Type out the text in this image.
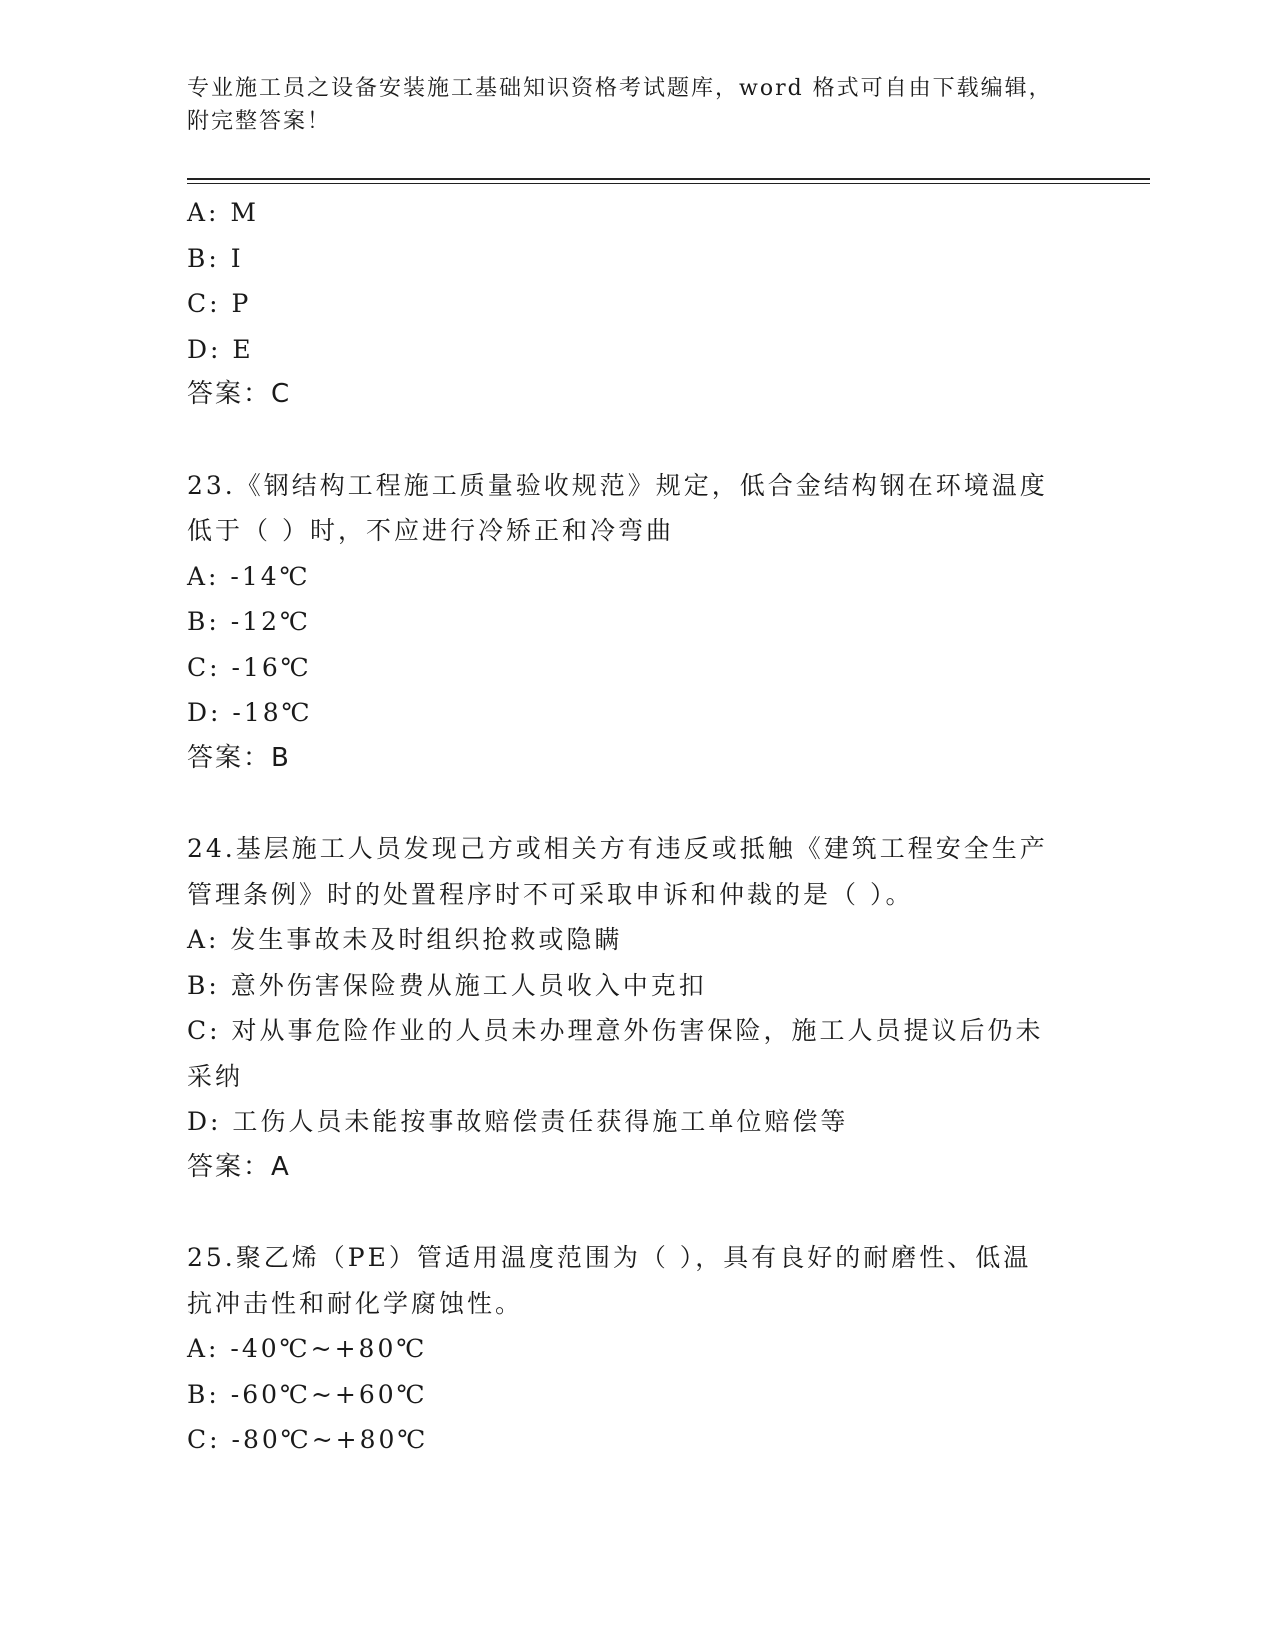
专业施工员之设备安装施工基础知识资格考试题库，word 格式可自由下载编辑，
附完整答案！
A: M
B: I
C: P
D: E
答案：C
23.《钢结构工程施工质量验收规范》规定，低合金结构钢在环境温度
低于（ ）时，不应进行冷矫正和冷弯曲
A: -14℃
B: -12℃
C: -16℃
D: -18℃
答案：B
24.基层施工人员发现己方或相关方有违反或抵触《建筑工程安全生产
管理条例》时的处置程序时不可采取申诉和仲裁的是（ ）。
A: 发生事故未及时组织抢救或隐瞒
B: 意外伤害保险费从施工人员收入中克扣
C: 对从事危险作业的人员未办理意外伤害保险，施工人员提议后仍未
采纳
D: 工伤人员未能按事故赔偿责任获得施工单位赔偿等
答案：A
25.聚乙烯（PE）管适用温度范围为（ ），具有良好的耐磨性、低温
抗冲击性和耐化学腐蚀性。
A: -40℃~+80℃
B: -60℃~+60℃
C: -80℃~+80℃
